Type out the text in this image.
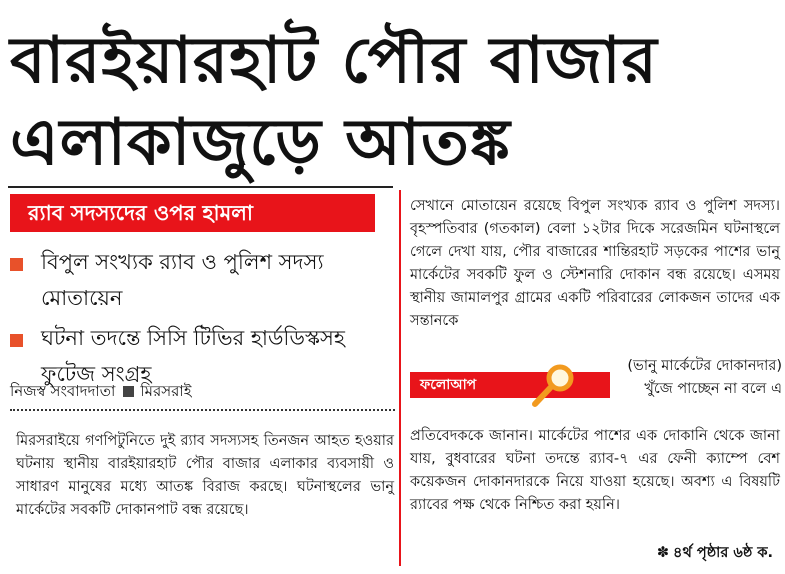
বারইয়ারহাট পৌর বাজার
এলাকাজুড়ে আতঙ্ক
র‍্যাব সদস্যদের ওপর হামলা
বিপুল সংখ্যক র‍্যাব ও পুলিশ সদস্য মোতায়েন
ঘটনা তদন্তে সিসি টিভির হার্ডডিস্কসহ ফুটেজ সংগ্রহ
নিজস্ব সংবাদদাতা মিরসরাই
মিরসরাইয়ে গণপিটুনিতে দুই র‍্যাব সদস্যসহ তিনজন আহত হওয়ার ঘটনায় স্থানীয় বারইয়ারহাট পৌর বাজার এলাকার ব্যবসায়ী ও সাধারণ মানুষের মধ্যে আতঙ্ক বিরাজ করছে। ঘটনাস্থলের ভানু মার্কেটের সবকটি দোকানপাট বন্ধ রয়েছে।
সেখানে মোতায়েন রয়েছে বিপুল সংখ্যক র‍্যাব ও পুলিশ সদস্য। বৃহস্পতিবার (গতকাল) বেলা ১২টার দিকে সরেজমিন ঘটনাস্থলে গেলে দেখা যায়, পৌর বাজারের শান্তিরহাট সড়কের পাশের ভানু মার্কেটের সবকটি ফুল ও স্টেশনারি দোকান বন্ধ রয়েছে। এসময় স্থানীয় জামালপুর গ্রামের একটি পরিবারের লোকজন তাদের এক সন্তানকে
ফলোআপ
(ভানু মার্কেটের দোকানদার) খুঁজে পাচ্ছেন না বলে এ
প্রতিবেদককে জানান। মার্কেটের পাশের এক দোকানি থেকে জানা যায়, বুধবারের ঘটনা তদন্তে র‍্যাব-৭ এর ফেনী ক্যাম্পে বেশ কয়েকজন দোকানদারকে নিয়ে যাওয়া হয়েছে। অবশ্য এ বিষয়টি র‍্যাবের পক্ষ থেকে নিশ্চিত করা হয়নি।
✽ ৪র্থ পৃষ্ঠার ৬ষ্ঠ ক.
